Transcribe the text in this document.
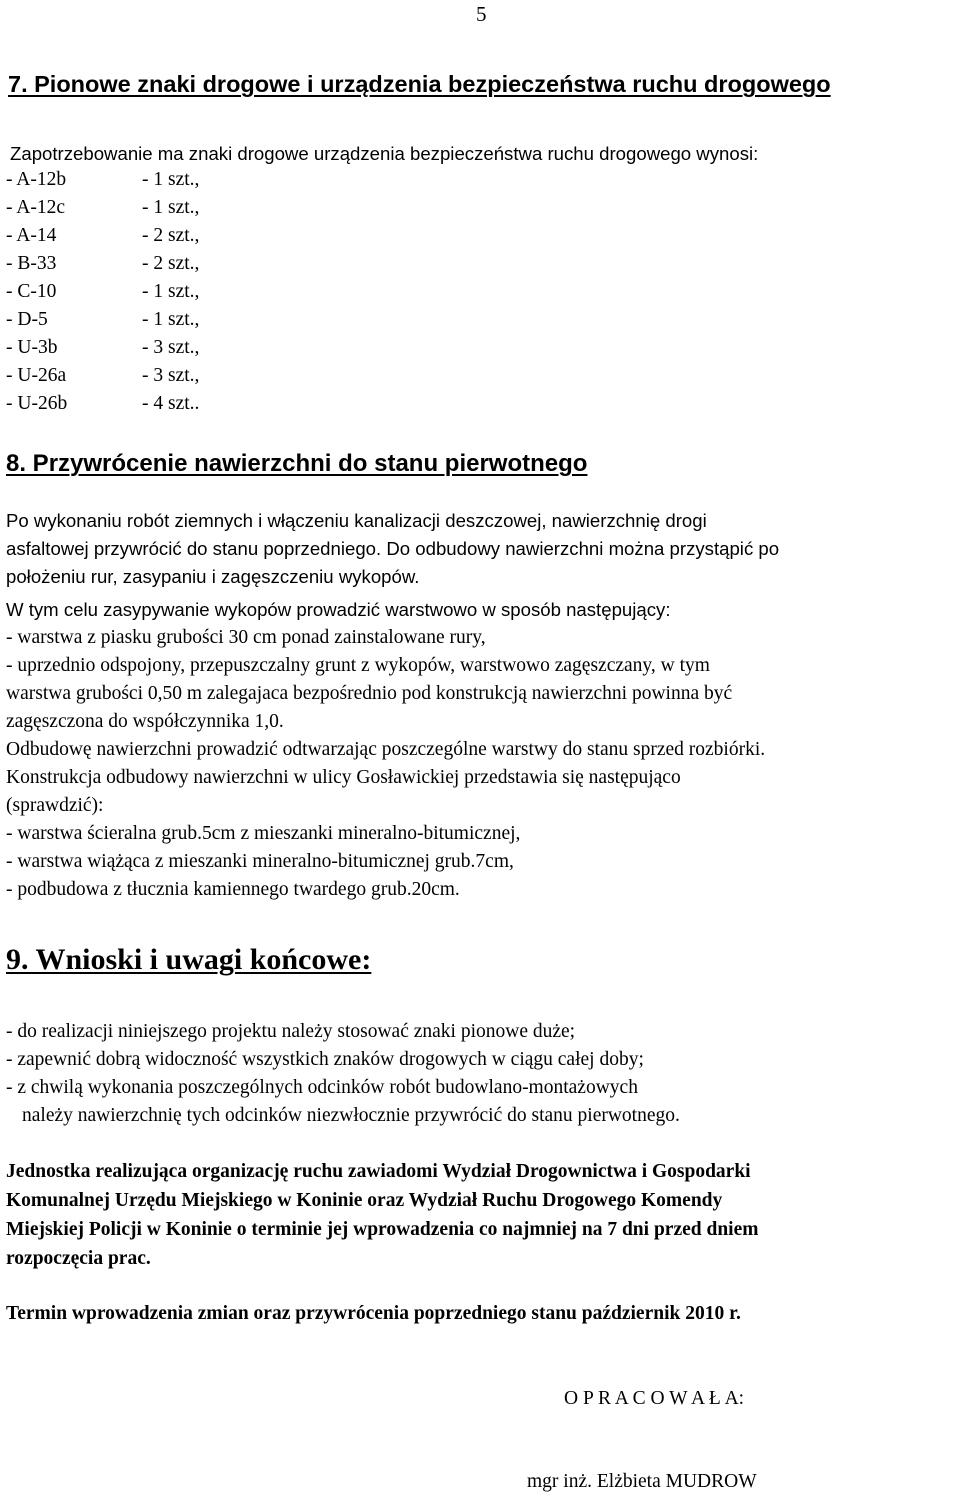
5
7. Pionowe znaki drogowe i urządzenia bezpieczeństwa ruchu drogowego
Zapotrzebowanie ma znaki drogowe urządzenia bezpieczeństwa ruchu drogowego wynosi:
- A-12b	- 1 szt.,
- A-12c	- 1 szt.,
- A-14	- 2 szt.,
- B-33	- 2 szt.,
- C-10	- 1 szt.,
- D-5	- 1 szt.,
- U-3b	- 3 szt.,
- U-26a	- 3 szt.,
- U-26b	- 4 szt..
8. Przywrócenie nawierzchni do stanu pierwotnego
Po wykonaniu robót ziemnych i włączeniu kanalizacji deszczowej, nawierzchnię drogi
asfaltowej przywrócić do stanu poprzedniego. Do odbudowy nawierzchni można przystąpić po
położeniu rur, zasypaniu i zagęszczeniu wykopów.
W tym celu zasypywanie wykopów prowadzić warstwowo w sposób następujący:
- warstwa z piasku grubości 30 cm ponad zainstalowane rury,
- uprzednio odspojony, przepuszczalny grunt z wykopów, warstwowo zagęszczany, w tym
warstwa grubości 0,50 m zalegajaca bezpośrednio pod konstrukcją nawierzchni powinna być
zagęszczona do współczynnika 1,0.
Odbudowę nawierzchni prowadzić odtwarzając poszczególne warstwy do stanu sprzed rozbiórki.
Konstrukcja odbudowy nawierzchni w ulicy Gosławickiej przedstawia się następująco
(sprawdzić):
- warstwa ścieralna grub.5cm z mieszanki mineralno-bitumicznej,
- warstwa wiążąca z mieszanki mineralno-bitumicznej grub.7cm,
- podbudowa z tłucznia kamiennego twardego grub.20cm.
9. Wnioski i uwagi końcowe:
- do realizacji niniejszego projektu należy stosować znaki pionowe duże;
- zapewnić dobrą widoczność wszystkich znaków drogowych w ciągu całej doby;
- z chwilą wykonania poszczególnych odcinków robót budowlano-montażowych
należy nawierzchnię tych odcinków niezwłocznie przywrócić do stanu pierwotnego.
Jednostka realizująca organizację ruchu zawiadomi Wydział Drogownictwa i Gospodarki
Komunalnej Urzędu Miejskiego w Koninie oraz Wydział Ruchu Drogowego Komendy
Miejskiej Policji w Koninie o terminie jej wprowadzenia co najmniej na 7 dni przed dniem
rozpoczęcia prac.
Termin wprowadzenia zmian oraz przywrócenia poprzedniego stanu październik 2010 r.
O P R A C O W A Ł A:
mgr inż. Elżbieta MUDROW
